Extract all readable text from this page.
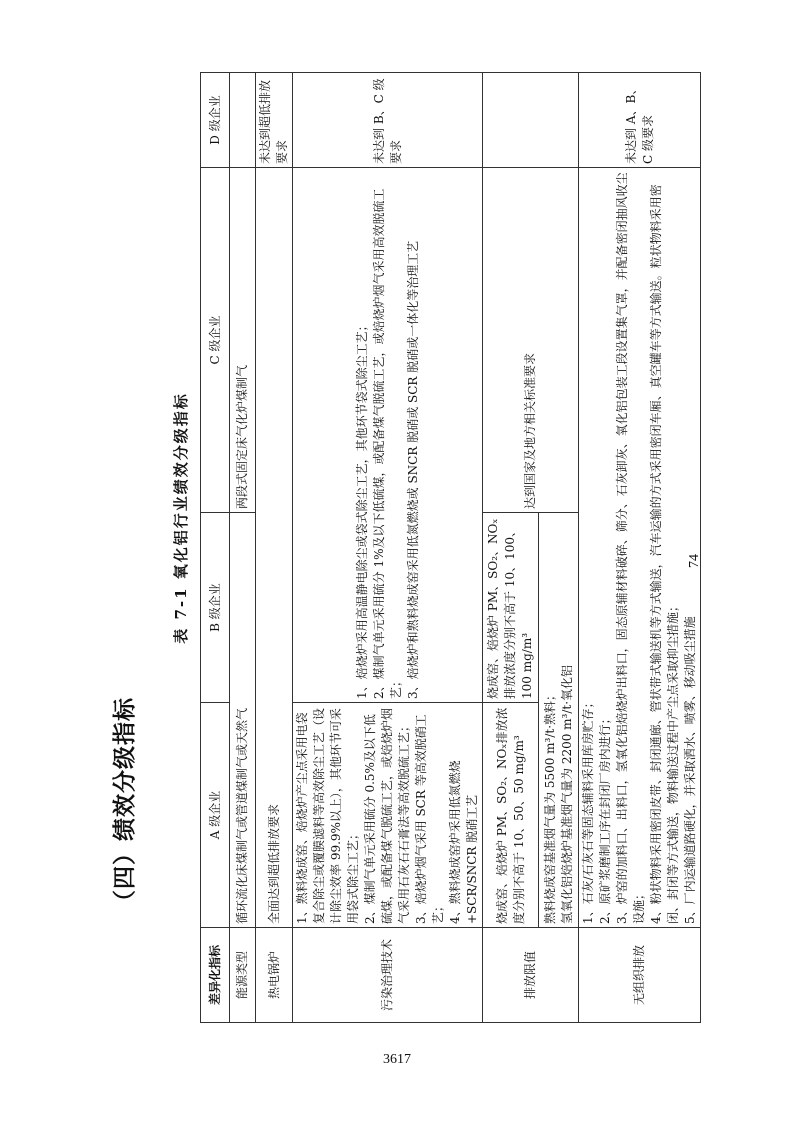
3617
（四）绩效分级指标
表 7-1 氧化铝行业绩效分级指标
差异化指标	A 级企业	B 级企业	C 级企业	D 级企业
能源类型	循环流化床煤制气或管道煤制气或天然气		两段式固定床气化炉煤制气	
热电锅炉	全面达到超低排放要求			未达到超低排放要求
污染治理技术	1、熟料烧成窑、焙烧炉产尘点采用电袋复合除尘或覆膜滤料等高效除尘工艺（设计除尘效率 99.9%以上），其他环节可采用袋式除尘工艺； 2、煤制气单元采用硫分 0.5%及以下低硫煤，或配备煤气脱硫工艺，或焙烧炉烟气采用石灰石石膏法等高效脱硫工艺； 3、焙烧炉烟气采用 SCR 等高效脱硝工艺； 4、熟料烧成窑炉采用低氮燃烧+SCR/SNCR 脱硝工艺	1、焙烧炉采用高温静电除尘或袋式除尘工艺，其他环节袋式除尘工艺； 2、煤制气单元采用硫分 1%及以下低硫煤，或配备煤气脱硫工艺，或焙烧炉烟气采用高效脱硫工艺； 3、焙烧炉和熟料烧成窑采用低氮燃烧或 SNCR 脱硝或 SCR 脱硝或一体化等治理工艺		未达到 B、C 级要求
排放限值	烧成窑、焙烧炉 PM、SO₂、NOₓ排放浓度分别不高于 10、50、50 mg/m³	烧成窑、焙烧炉 PM、SO₂、NOₓ排放浓度分别不高于 10、100、100 mg/m³	达到国家及地方相关标准要求	

	熟料烧成窑基准烟气量为 5500 m³/t·熟料； 氢氧化铝焙烧炉基准烟气量为 2200 m³/t·氧化铝			

无组织排放	1、石灰/石灰石等固态辅料采用库房贮存； 2、原矿浆磨制工序在封闭厂房内进行； 3、炉窑的加料口、出料口，氢氧化铝焙烧炉出料口，固态原辅材料破碎、筛分、石灰卸灰、氧化铝包装工段设置集气罩，并配备密闭抽风收尘设施； 4、粉状物料采用密闭皮带、封闭通廊、管状带式输送机等方式输送，汽车运输的方式采用密闭车厢、真空罐车等方式输送。粒状物料采用密闭、封闭等方式输送，物料输送过程中产尘点采取抑尘措施； 5、厂内运输道路硬化，并采取洒水、喷雾、移动吸尘措施			未达到 A、B、C 级要求
74
